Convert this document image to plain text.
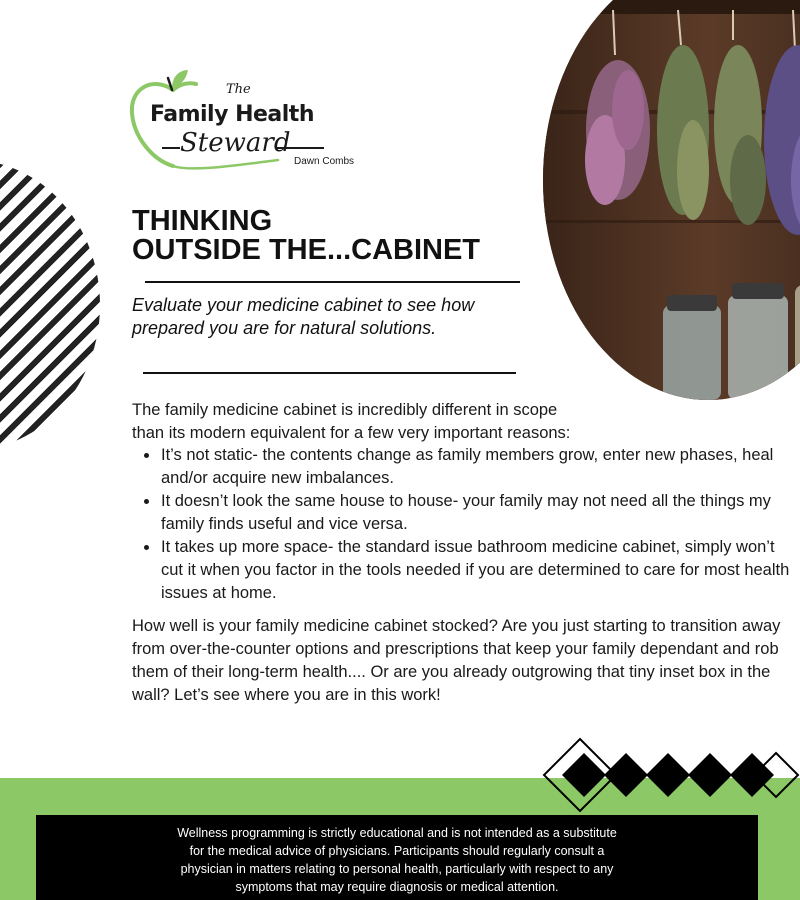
The
Family Health
Steward
Dawn Combs
THINKING
OUTSIDE THE...CABINET

Evaluate your medicine cabinet to see how prepared you are for natural solutions.

The family medicine cabinet is incredibly different in scope

than its modern equivalent for a few very important reasons:

It’s not static- the contents change as family members grow, enter new phases, heal and/or acquire new imbalances.
It doesn’t look the same house to house- your family may not need all the things my family finds useful and vice versa.
It takes up more space- the standard issue bathroom medicine cabinet, simply won’t cut it when you factor in the tools needed if you are determined to care for most health issues at home.

How well is your family medicine cabinet stocked? Are you just starting to transition away from over-the-counter options and prescriptions that keep your family dependant and rob them of their long-term health.... Or are you already outgrowing that tiny inset box in the wall? Let’s see where you are in this work!

Wellness programming is strictly educational and is not intended as a substitute

for the medical advice of physicians. Participants should regularly consult a

physician in matters relating to personal health, particularly with respect to any

symptoms that may require diagnosis or medical attention.
